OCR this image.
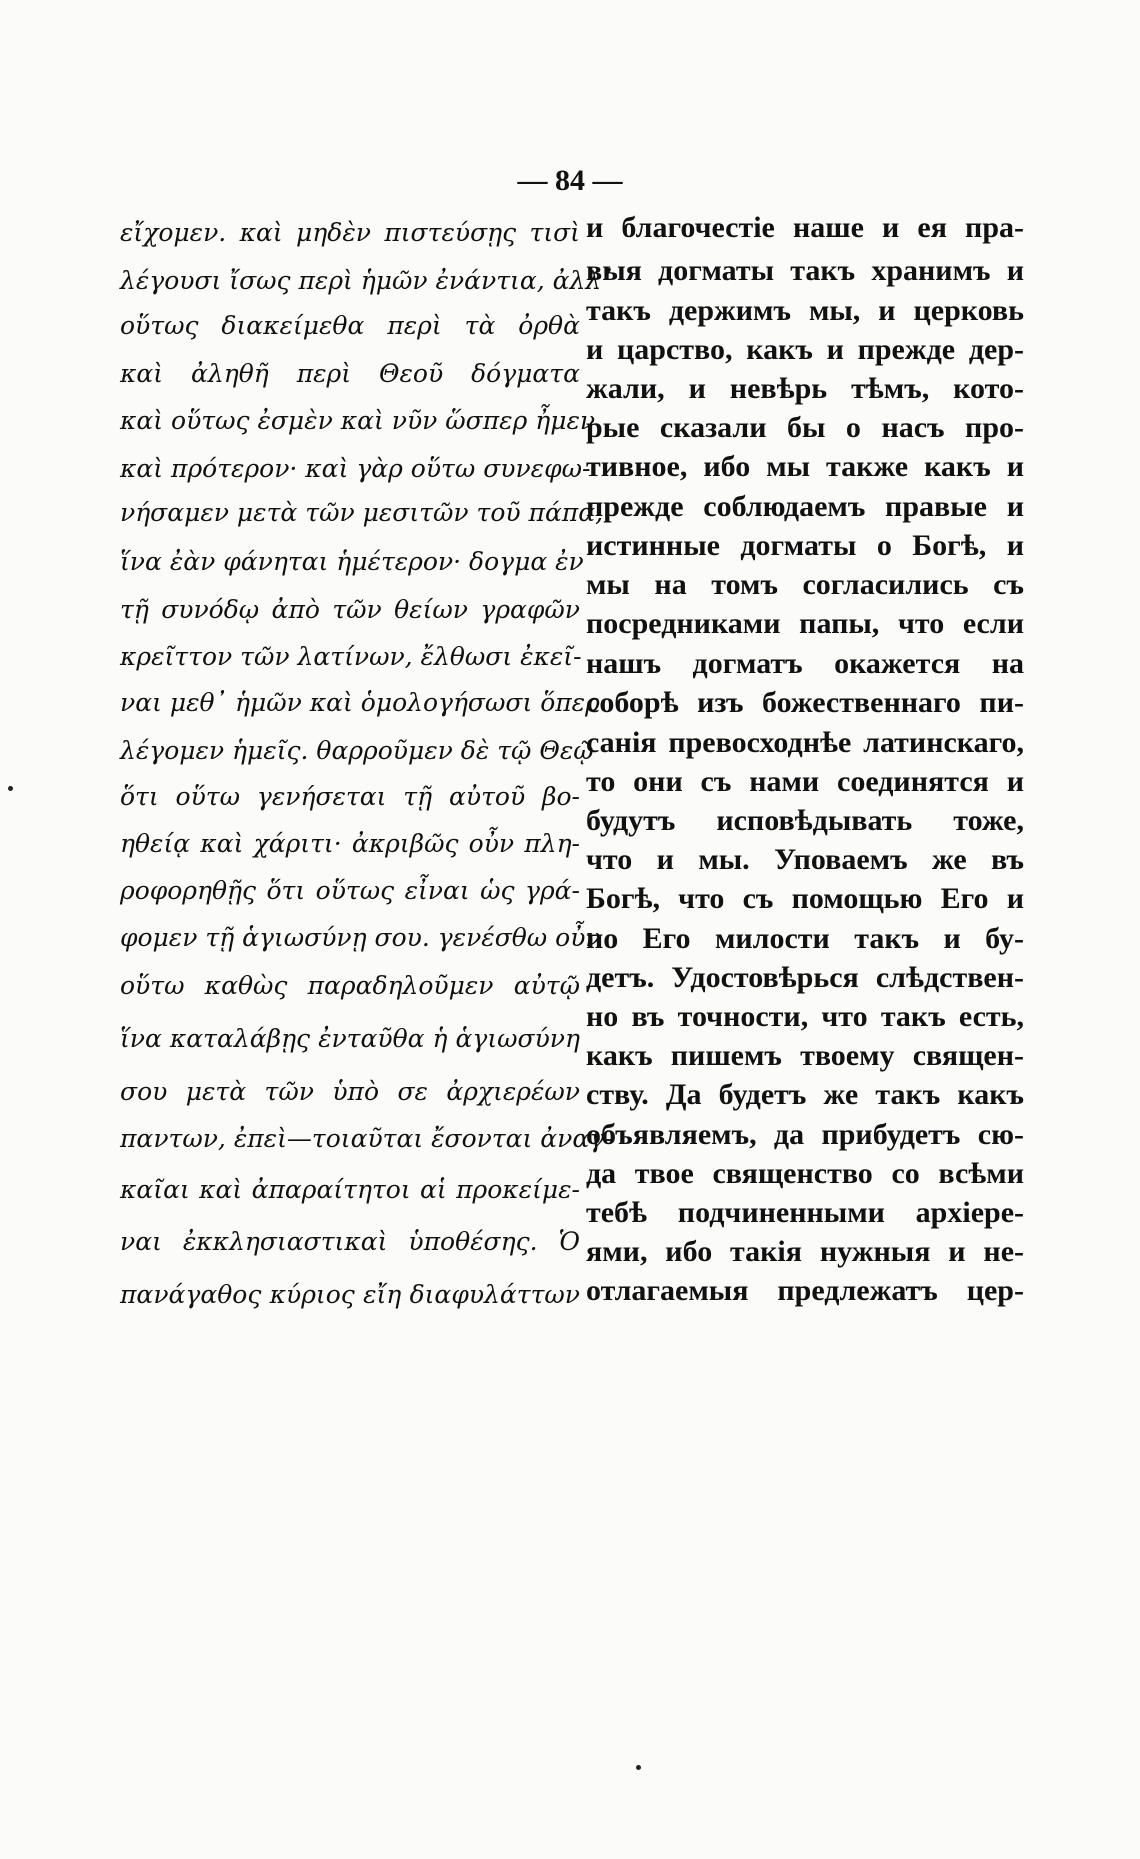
— 84 —
εἴχομεν. καὶ μηδὲν πιστεύσῃς τισὶ
λέγουσι ἴσως περὶ ἡμῶν ἐνάντια, ἀλλ᾽
οὕτως διακείμεθα περὶ τὰ ὀρθὰ
καὶ ἀληθῆ περὶ Θεοῦ δόγματα
καὶ οὕτως ἐσμὲν καὶ νῦν ὥσπερ ἦμεν
καὶ πρότερον· καὶ γὰρ οὕτω συνεφω-
νήσαμεν μετὰ τῶν μεσιτῶν τοῦ πάπα,
ἵνα ἐὰν φάνηται ἡμέτερον· δογμα ἐν
τῇ συνόδῳ ἀπὸ τῶν θείων γραφῶν
κρεῖττον τῶν λατίνων, ἔλθωσι ἐκεῖ-
ναι μεθ᾽ ἡμῶν καὶ ὁμολογήσωσι ὅπερ
λέγομεν ἡμεῖς. θαρροῦμεν δὲ τῷ Θεῷ
ὅτι οὕτω γενήσεται τῇ αὐτοῦ βο-
ηθείᾳ καὶ χάριτι· ἀκριβῶς οὖν πλη-
ροφορηθῇς ὅτι οὕτως εἶναι ὡς γρά-
φομεν τῇ ἁγιωσύνῃ σου. γενέσθω οὖν
οὕτω καθὼς παραδηλοῦμεν αὐτῷ
ἵνα καταλάβῃς ἐνταῦθα ἡ ἁγιωσύνη
σου μετὰ τῶν ὑπὸ σε ἀρχιερέων
παντων, ἐπεὶ—τοιαῦται ἔσονται ἀναγ-
καῖαι καὶ ἀπαραίτητοι αἱ προκείμε-
ναι ἐκκλησιαστικαὶ ὑποθέσης. Ὁ
πανάγαθος κύριος εἴη διαφυλάττων
и благочестіе наше и ея пра-
выя догматы такъ хранимъ и
такъ держимъ мы, и церковь
и царство, какъ и прежде дер-
жали, и невѣрь тѣмъ, кото-
рые сказали бы о насъ про-
тивное, ибо мы также какъ и
прежде соблюдаемъ правые и
истинные догматы о Богѣ, и
мы на томъ согласились съ
посредниками папы, что если
нашъ догматъ окажется на
соборѣ изъ божественнаго пи-
санія превосходнѣе латинскаго,
то они съ нами соединятся и
будутъ исповѣдывать тоже,
что и мы. Уповаемъ же въ
Богѣ, что съ помощью Его и
по Его милости такъ и бу-
детъ. Удостовѣрься слѣдствен-
но въ точности, что такъ есть,
какъ пишемъ твоему священ-
ству. Да будетъ же такъ какъ
объявляемъ, да прибудетъ сю-
да твое священство со всѣми
тебѣ подчиненными архіере-
ями, ибо такія нужныя и не-
отлагаемыя предлежатъ цер-
